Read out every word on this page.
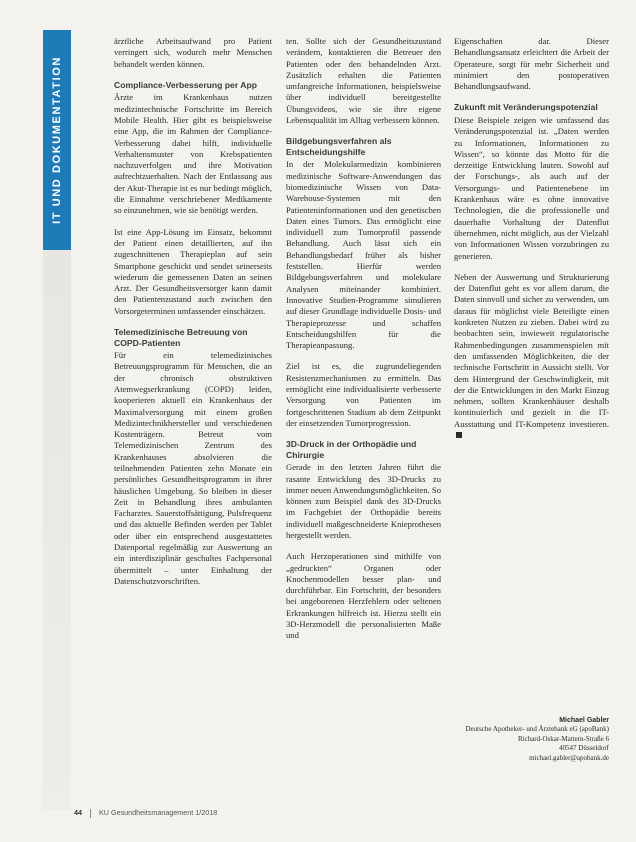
IT UND DOKUMENTATION

ärztliche Arbeitsaufwand pro Patient verringert sich, wodurch mehr Menschen behandelt werden können.

Compliance-Verbesserung per App

Ärzte im Krankenhaus nutzen medizintechnische Fortschritte im Bereich Mobile Health. Hier gibt es beispielsweise eine App, die im Rahmen der Compliance-Verbesserung dabei hilft, individuelle Verhaltensmuster von Krebspatienten nachzuverfolgen und ihre Motivation aufrechtzuerhalten. Nach der Entlassung aus der Akut-Therapie ist es nur bedingt möglich, die Einnahme verschriebener Medikamente so einzunehmen, wie sie benötigt werden.

Ist eine App-Lösung im Einsatz, bekommt der Patient einen detaillierten, auf ihn zugeschnittenen Therapieplan auf sein Smartphone geschickt und sendet seinerseits wiederum die gemessenen Daten an seinen Arzt. Der Gesundheitsversorger kann damit den Patientenzustand auch zwischen den Vorsorgeterminen umfassender einschätzen.

Telemedizinische Betreuung von COPD-Patienten

Für ein telemedizinisches Betreuungsprogramm für Menschen, die an der chronisch obstruktiven Atemwegserkrankung (COPD) leiden, kooperieren aktuell ein Krankenhaus der Maximalversorgung mit einem großen Medizintechnikhersteller und verschiedenen Kostenträgern. Betreut vom Telemedizinischen Zentrum des Krankenhauses absolvieren die teilnehmenden Patienten zehn Monate ein persönliches Gesundheitsprogramm in ihrer häuslichen Umgebung. So bleiben in dieser Zeit in Behandlung ihres ambulanten Facharztes. Sauerstoffsättigung, Pulsfrequenz und das aktuelle Befinden werden per Tablet oder über ein entsprechend ausgestattetes Datenportal regelmäßig zur Auswertung an ein interdisziplinär geschultes Fachpersonal übermittelt – unter Einhaltung der Datenschutzvorschriften.

ten. Sollte sich der Gesundheitszustand verändern, kontaktieren die Betreuer den Patienten oder den behandelnden Arzt. Zusätzlich erhalten die Patienten umfangreiche Informationen, beispielsweise über individuell bereitgestellte Übungsvideos, wie sie ihre eigene Lebensqualität im Alltag verbessern können.

Bildgebungsverfahren als Entscheidungshilfe

In der Molekularmedizin kombinieren medizinische Software-Anwendungen das biomedizinische Wissen von Data-Warehouse-Systemen mit den Patienteninformationen und den genetischen Daten eines Tumors. Das ermöglicht eine individuell zum Tumorprofil passende Behandlung. Auch lässt sich ein Behandlungsbedarf früher als bisher feststellen. Hierfür werden Bildgebungsverfahren und molekulare Analysen miteinander kombiniert. Innovative Studien-Programme simulieren auf dieser Grundlage individuelle Dosis- und Therapieprozesse und schaffen Entscheidungshilfen für die Therapieanpassung.

Ziel ist es, die zugrundeliegenden Resistenzmechanismen zu ermitteln. Das ermöglicht eine individualisierte verbesserte Versorgung von Patienten im fortgeschrittenen Stadium ab dem Zeitpunkt der einsetzenden Tumorprogression.

3D-Druck in der Orthopädie und Chirurgie

Gerade in den letzten Jahren führt die rasante Entwicklung des 3D-Drucks zu immer neuen Anwendungsmöglichkeiten. So können zum Beispiel dank des 3D-Drucks im Fachgebiet der Orthopädie bereits individuell maßgeschneiderte Knieprothesen hergestellt werden.

Auch Herzoperationen sind mithilfe von „gedruckten“ Organen oder Knochenmodellen besser plan- und durchführbar. Ein Fortschritt, der besonders bei angeborenen Herzfehlern oder seltenen Erkrankungen hilfreich ist. Hierzu stellt ein 3D-Herzmodell die personalisierten Maße und

Eigenschaften dar. Dieser Behandlungsansatz erleichtert die Arbeit der Operateure, sorgt für mehr Sicherheit und minimiert den postoperativen Behandlungsaufwand.

Zukunft mit Veränderungspotenzial

Diese Beispiele zeigen wie umfassend das Veränderungspotenzial ist. „Daten werden zu Informationen, Informationen zu Wissen“, so könnte das Motto für die derzeitige Entwicklung lauten. Sowohl auf der Forschungs-, als auch auf der Versorgungs- und Patientenebene im Krankenhaus wäre es ohne innovative Technologien, die die professionelle und dauerhafte Vorhaltung der Datenflut übernehmen, nicht möglich, aus der Vielzahl von Informationen Wissen vorzubringen zu generieren.

Neben der Auswertung und Strukturierung der Datenflut geht es vor allem darum, die Daten sinnvoll und sicher zu verwenden, um daraus für möglichst viele Beteiligte einen konkreten Nutzen zu ziehen. Dabei wird zu beobachten sein, inwieweit regulatorische Rahmenbedingungen zusammenspielen mit den umfassenden Möglichkeiten, die der technische Fortschritt in Aussicht stellt. Vor dem Hintergrund der Geschwindigkeit, mit der die Entwicklungen in den Markt Einzug nehmen, sollten Krankenhäuser deshalb kontinuierlich und gezielt in die IT-Ausstattung und IT-Kompetenz investieren.

Michael Gabler
Deutsche Apotheker- und Ärztebank eG (apoBank)
Richard-Oskar-Mattern-Straße 6
40547 Düsseldorf
michael.gabler@apobank.de
44 KU Gesundheitsmanagement 1/2018
